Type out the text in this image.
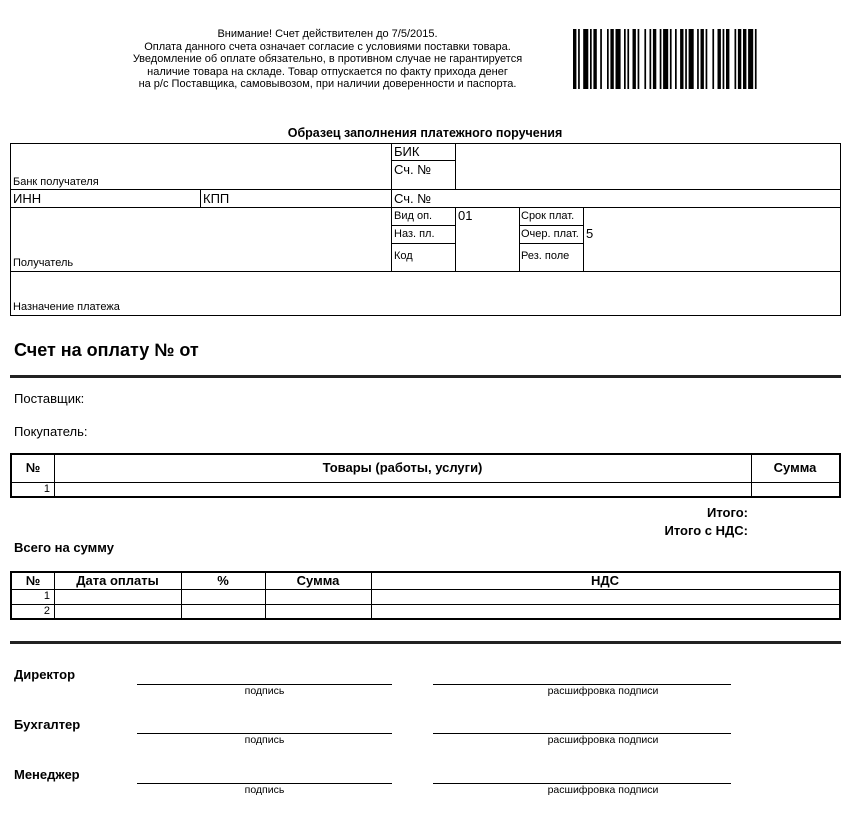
Внимание! Счет действителен до 7/5/2015.
Оплата данного счета означает согласие с условиями поставки товара.
Уведомление об оплате обязательно, в противном случае не гарантируется
наличие товара на складе. Товар отпускается по факту прихода денег
на р/с Поставщика, самовывозом, при наличии доверенности и паспорта.
Образец заполнения платежного поручения
Банк получателя
БИК
Сч. №
ИНН	КПП	Сч. №
Вид оп. 01	Срок плат.
Наз. пл.	Очер. плат. 5
Код	Рез. поле
Получатель
Назначение платежа
Счет на оплату № от
Поставщик:
Покупатель:
№	Товары (работы, услуги)	Сумма
1
Итого:
Итого с НДС:
Всего на сумму
№	Дата оплаты	%	Сумма	НДС
1
2
Директор
подпись	расшифровка подписи
Бухгалтер
подпись	расшифровка подписи
Менеджер
подпись	расшифровка подписи
